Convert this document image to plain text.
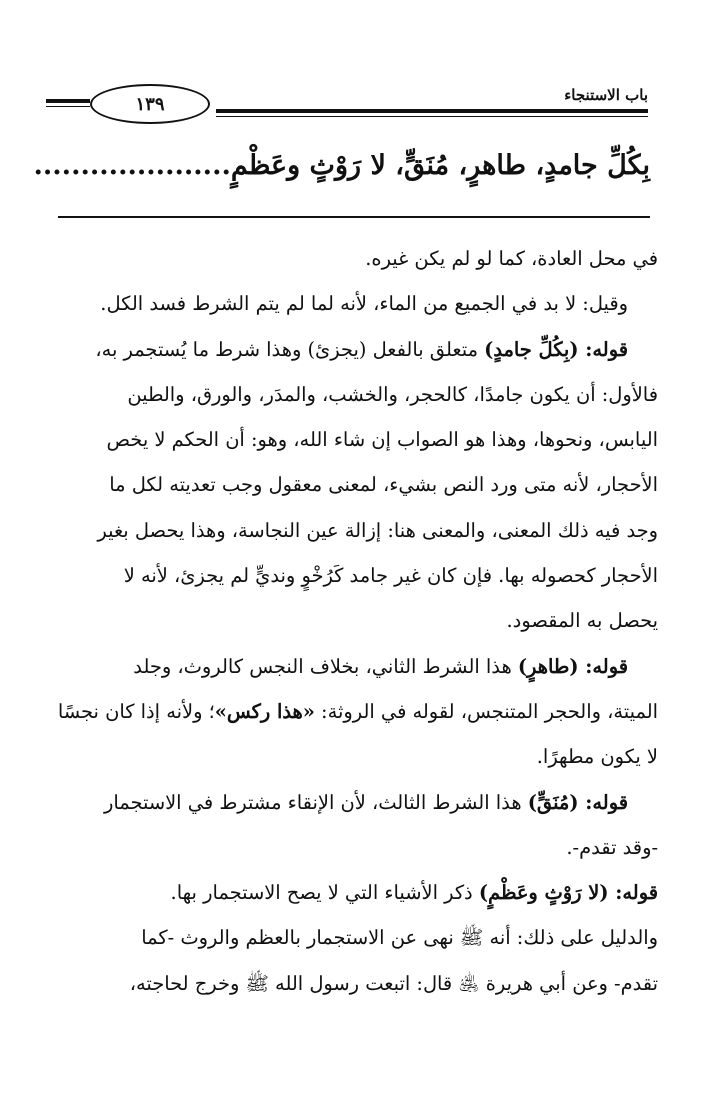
باب الاستنجاء
١٣٩
بِكُلِّ جامدٍ، طاهرٍ، مُنَقٍّ، لا رَوْثٍ وعَظْمٍ.....................
في محل العادة، كما لو لم يكن غيره.
وقيل: لا بد في الجميع من الماء، لأنه لما لم يتم الشرط فسد الكل.
قوله: (بِكُلِّ جامدٍ) متعلق بالفعل (يجزئ) وهذا شرط ما يُستجمر به،
فالأول: أن يكون جامدًا، كالحجر، والخشب، والمدَر، والورق، والطين
اليابس، ونحوها، وهذا هو الصواب إن شاء الله، وهو: أن الحكم لا يخص
الأحجار، لأنه متى ورد النص بشيء، لمعنى معقول وجب تعديته لكل ما
وجد فيه ذلك المعنى، والمعنى هنا: إزالة عين النجاسة، وهذا يحصل بغير
الأحجار كحصوله بها. فإن كان غير جامد كَرُخْوٍ ونديٍّ لم يجزئ، لأنه لا
يحصل به المقصود.
قوله: (طاهرٍ) هذا الشرط الثاني، بخلاف النجس كالروث، وجلد
الميتة، والحجر المتنجس، لقوله في الروثة: «هذا ركس»؛ ولأنه إذا كان نجسًا
لا يكون مطهرًا.
قوله: (مُنَقٍّ) هذا الشرط الثالث، لأن الإنقاء مشترط في الاستجمار
-وقد تقدم-.
قوله: (لا رَوْثٍ وعَظْمٍ) ذكر الأشياء التي لا يصح الاستجمار بها.
والدليل على ذلك: أنه ﷺ نهى عن الاستجمار بالعظم والروث -كما
تقدم- وعن أبي هريرة ﵁ قال: اتبعت رسول الله ﷺ وخرج لحاجته،
